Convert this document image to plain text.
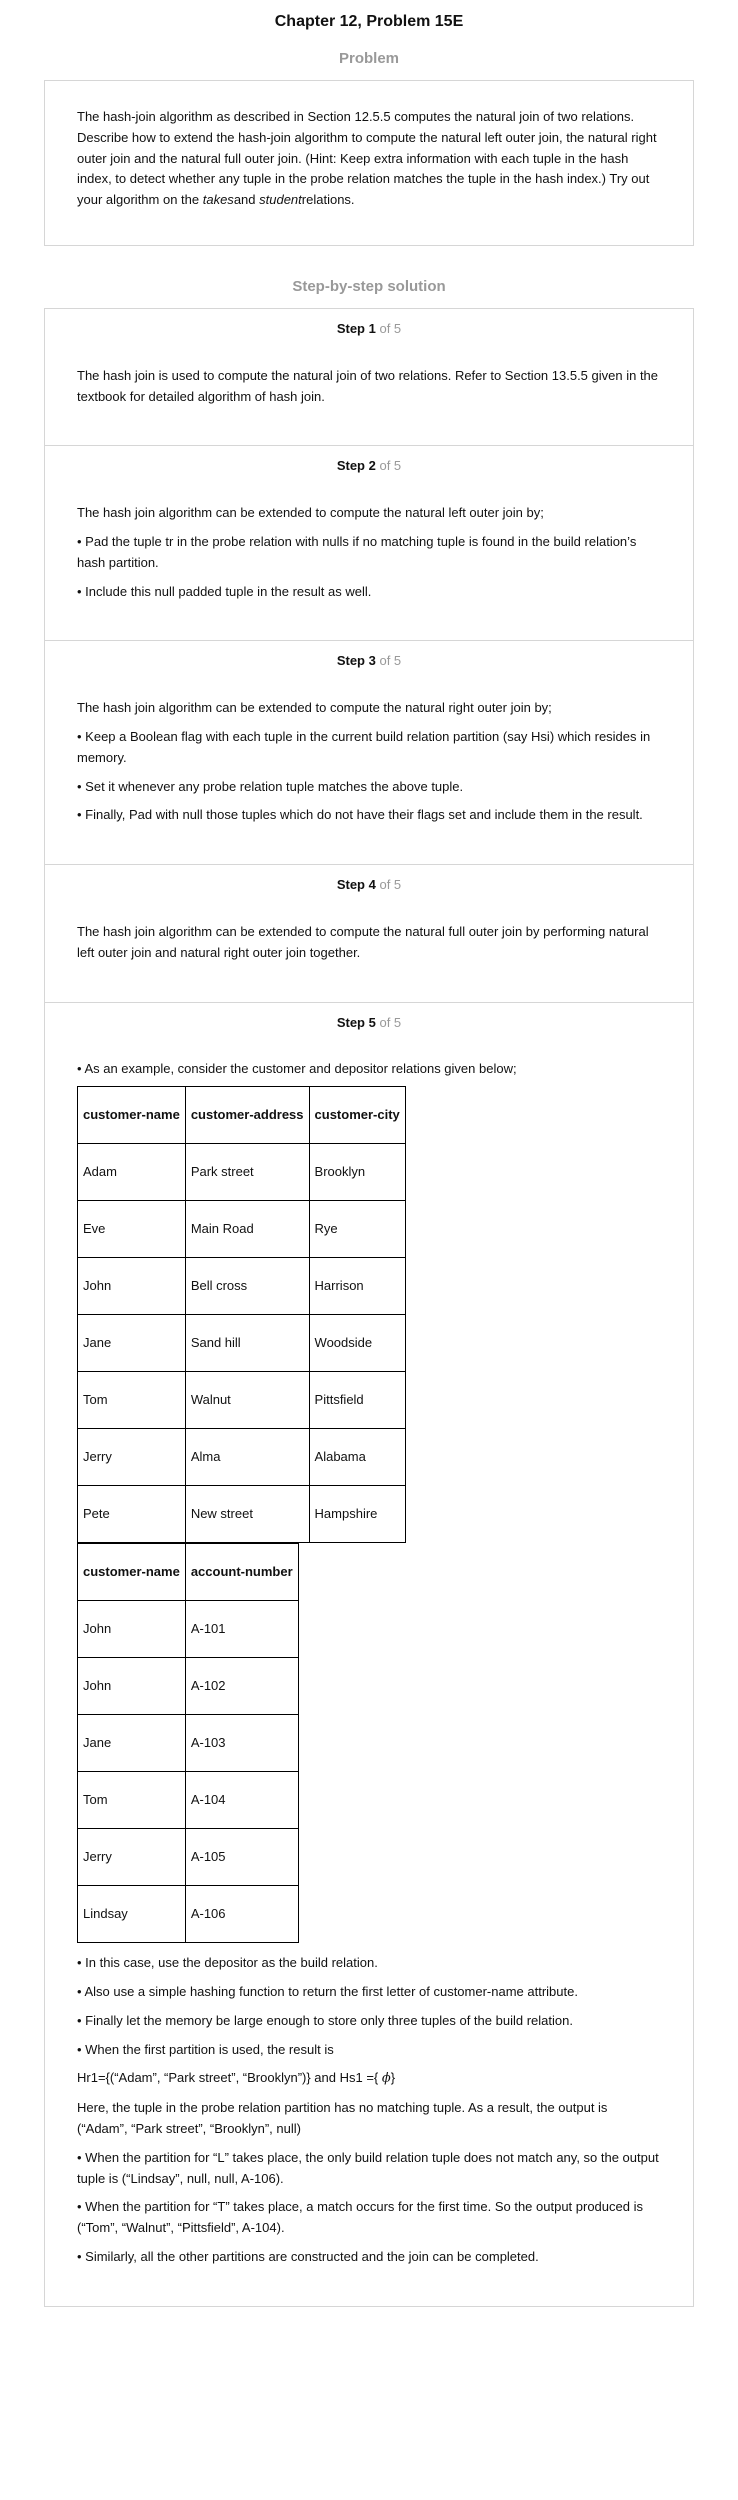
Chapter 12, Problem 15E
Problem

The hash-join algorithm as described in Section 12.5.5 computes the natural join of two relations. Describe how to extend the hash-join algorithm to compute the natural left outer join, the natural right outer join and the natural full outer join. (Hint: Keep extra information with each tuple in the hash index, to detect whether any tuple in the probe relation matches the tuple in the hash index.) Try out your algorithm on the takesand studentrelations.

Step-by-step solution
Step 1 of 5

The hash join is used to compute the natural join of two relations. Refer to Section 13.5.5 given in the textbook for detailed algorithm of hash join.

Step 2 of 5

The hash join algorithm can be extended to compute the natural left outer join by;

• Pad the tuple tr in the probe relation with nulls if no matching tuple is found in the build relation’s hash partition.

• Include this null padded tuple in the result as well.

Step 3 of 5

The hash join algorithm can be extended to compute the natural right outer join by;

• Keep a Boolean flag with each tuple in the current build relation partition (say Hsi) which resides in memory.

• Set it whenever any probe relation tuple matches the above tuple.

• Finally, Pad with null those tuples which do not have their flags set and include them in the result.

Step 4 of 5

The hash join algorithm can be extended to compute the natural full outer join by performing natural left outer join and natural right outer join together.

Step 5 of 5

• As an example, consider the customer and depositor relations given below;

customer-name	customer-address	customer-city
Adam	Park street	Brooklyn
Eve	Main Road	Rye
John	Bell cross	Harrison
Jane	Sand hill	Woodside
Tom	Walnut	Pittsfield
Jerry	Alma	Alabama
Pete	New street	Hampshire
customer-name	account-number
John	A-101
John	A-102
Jane	A-103
Tom	A-104
Jerry	A-105
Lindsay	A-106

• In this case, use the depositor as the build relation.

• Also use a simple hashing function to return the first letter of customer-name attribute.

• Finally let the memory be large enough to store only three tuples of the build relation.

• When the first partition is used, the result is

Hr1={(“Adam”, “Park street”, “Brooklyn”)} and Hs1 ={ ϕ}

Here, the tuple in the probe relation partition has no matching tuple. As a result, the output is (“Adam”, “Park street”, “Brooklyn”, null)

• When the partition for “L” takes place, the only build relation tuple does not match any, so the output tuple is (“Lindsay”, null, null, A-106).

• When the partition for “T” takes place, a match occurs for the first time. So the output produced is (“Tom”, “Walnut”, “Pittsfield”, A-104).

• Similarly, all the other partitions are constructed and the join can be completed.
